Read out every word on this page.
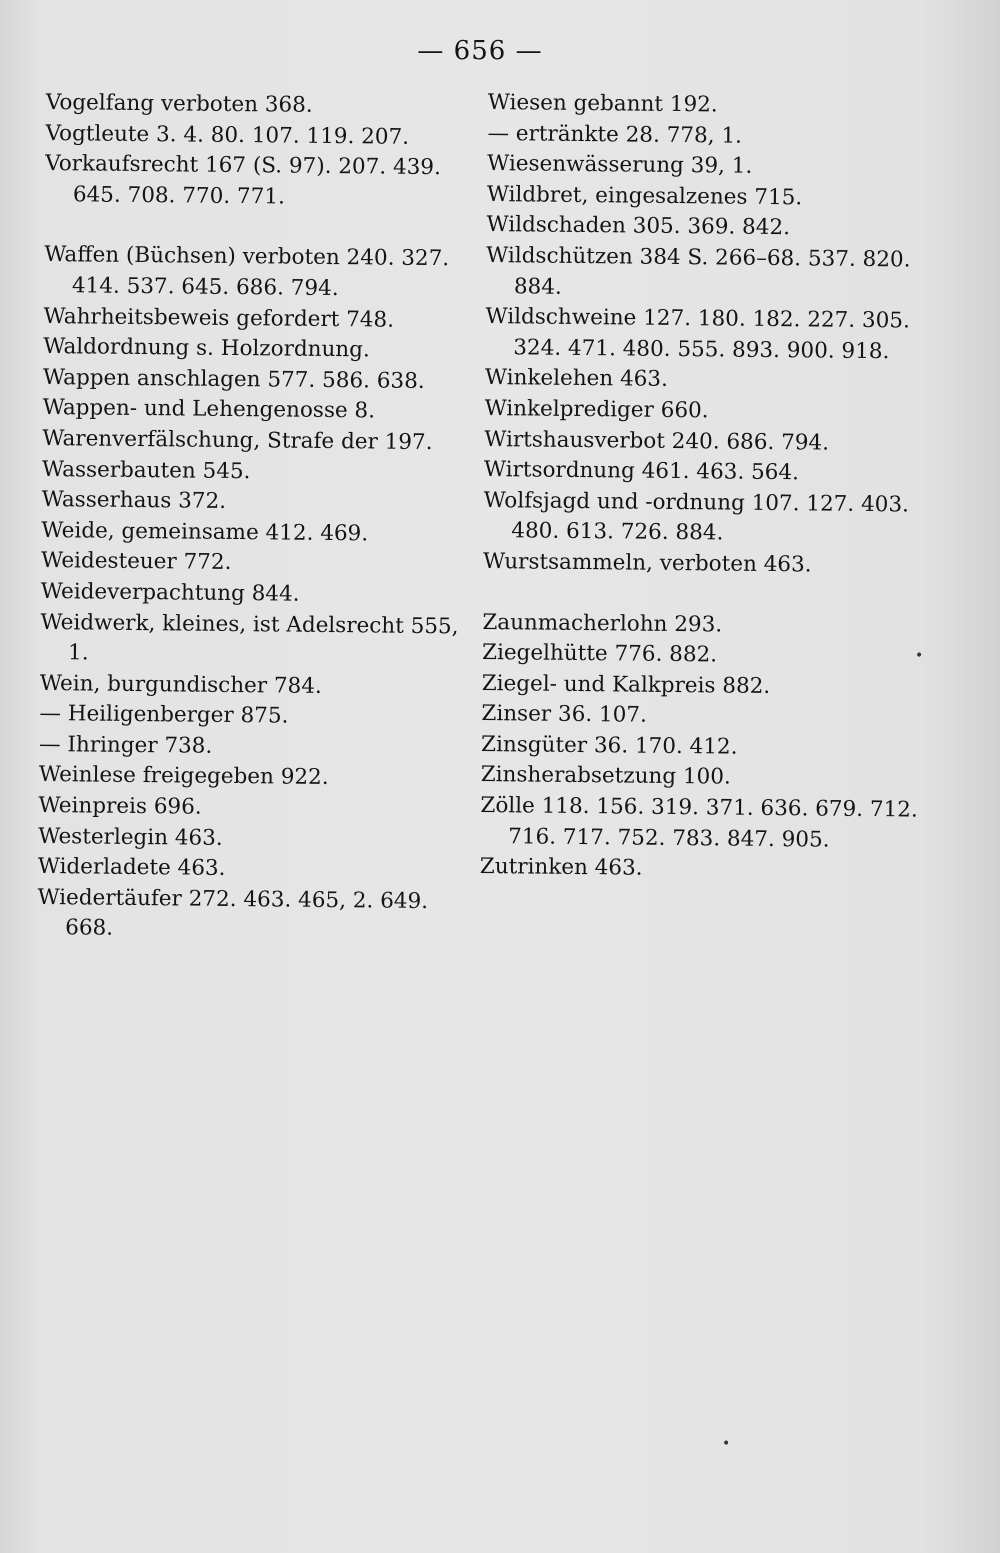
— 656 —
Vogelfang verboten 368.
Vogtleute 3. 4. 80. 107. 119. 207.
Vorkaufsrecht 167 (S. 97). 207. 439. 645. 708. 770. 771.
Waffen (Büchsen) verboten 240. 327. 414. 537. 645. 686. 794.
Wahrheitsbeweis gefordert 748.
Waldordnung s. Holzordnung.
Wappen anschlagen 577. 586. 638.
Wappen- und Lehengenosse 8.
Warenverfälschung, Strafe der 197.
Wasserbauten 545.
Wasserhaus 372.
Weide, gemeinsame 412. 469.
Weidesteuer 772.
Weideverpachtung 844.
Weidwerk, kleines, ist Adelsrecht 555, 1.
Wein, burgundischer 784.
— Heiligenberger 875.
— Ihringer 738.
Weinlese freigegeben 922.
Weinpreis 696.
Westerlegin 463.
Widerladete 463.
Wiedertäufer 272. 463. 465, 2. 649. 668.
Wiesen gebannt 192.
— ertränkte 28. 778, 1.
Wiesenwässerung 39, 1.
Wildbret, eingesalzenes 715.
Wildschaden 305. 369. 842.
Wildschützen 384 S. 266–68. 537. 820. 884.
Wildschweine 127. 180. 182. 227. 305. 324. 471. 480. 555. 893. 900. 918.
Winkelehen 463.
Winkelprediger 660.
Wirtshausverbot 240. 686. 794.
Wirtsordnung 461. 463. 564.
Wolfsjagd und -ordnung 107. 127. 403. 480. 613. 726. 884.
Wurstsammeln, verboten 463.
Zaunmacherlohn 293.
Ziegelhütte 776. 882.
Ziegel- und Kalkpreis 882.
Zinser 36. 107.
Zinsgüter 36. 170. 412.
Zinsherabsetzung 100.
Zölle 118. 156. 319. 371. 636. 679. 712. 716. 717. 752. 783. 847. 905.
Zutrinken 463.
•
•
